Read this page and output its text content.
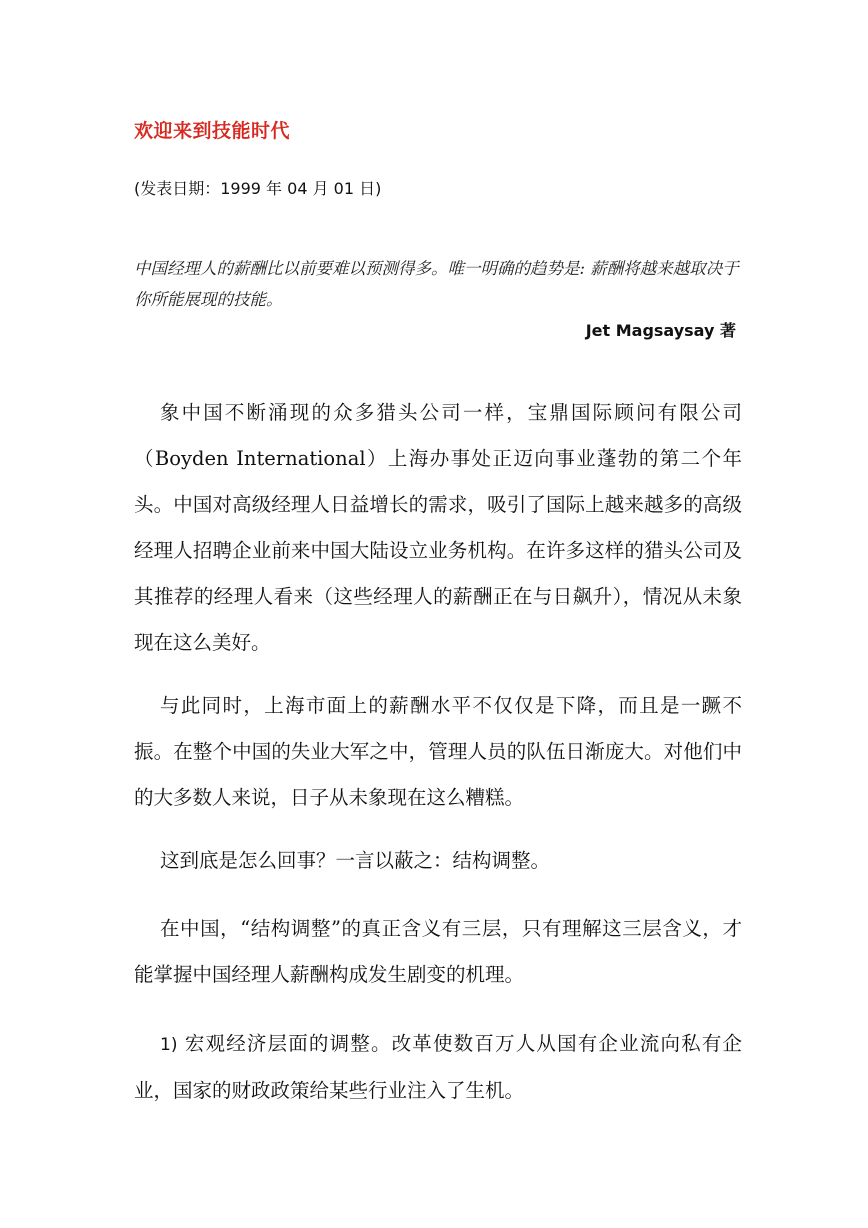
欢迎来到技能时代
(发表日期：1999 年 04 月 01 日)
中国经理人的薪酬比以前要难以预测得多。唯一明确的趋势是: 薪酬将越来越取决于你所能展现的技能。
Jet Magsaysay 著
象中国不断涌现的众多猎头公司一样，宝鼎国际顾问有限公司（Boyden International）上海办事处正迈向事业蓬勃的第二个年头。中国对高级经理人日益增长的需求，吸引了国际上越来越多的高级经理人招聘企业前来中国大陆设立业务机构。在许多这样的猎头公司及其推荐的经理人看来（这些经理人的薪酬正在与日飙升），情况从未象现在这么美好。
与此同时，上海市面上的薪酬水平不仅仅是下降，而且是一蹶不振。在整个中国的失业大军之中，管理人员的队伍日渐庞大。对他们中的大多数人来说，日子从未象现在这么糟糕。
这到底是怎么回事？一言以蔽之：结构调整。
在中国，“结构调整”的真正含义有三层，只有理解这三层含义，才能掌握中国经理人薪酬构成发生剧变的机理。
1) 宏观经济层面的调整。改革使数百万人从国有企业流向私有企业，国家的财政政策给某些行业注入了生机。
